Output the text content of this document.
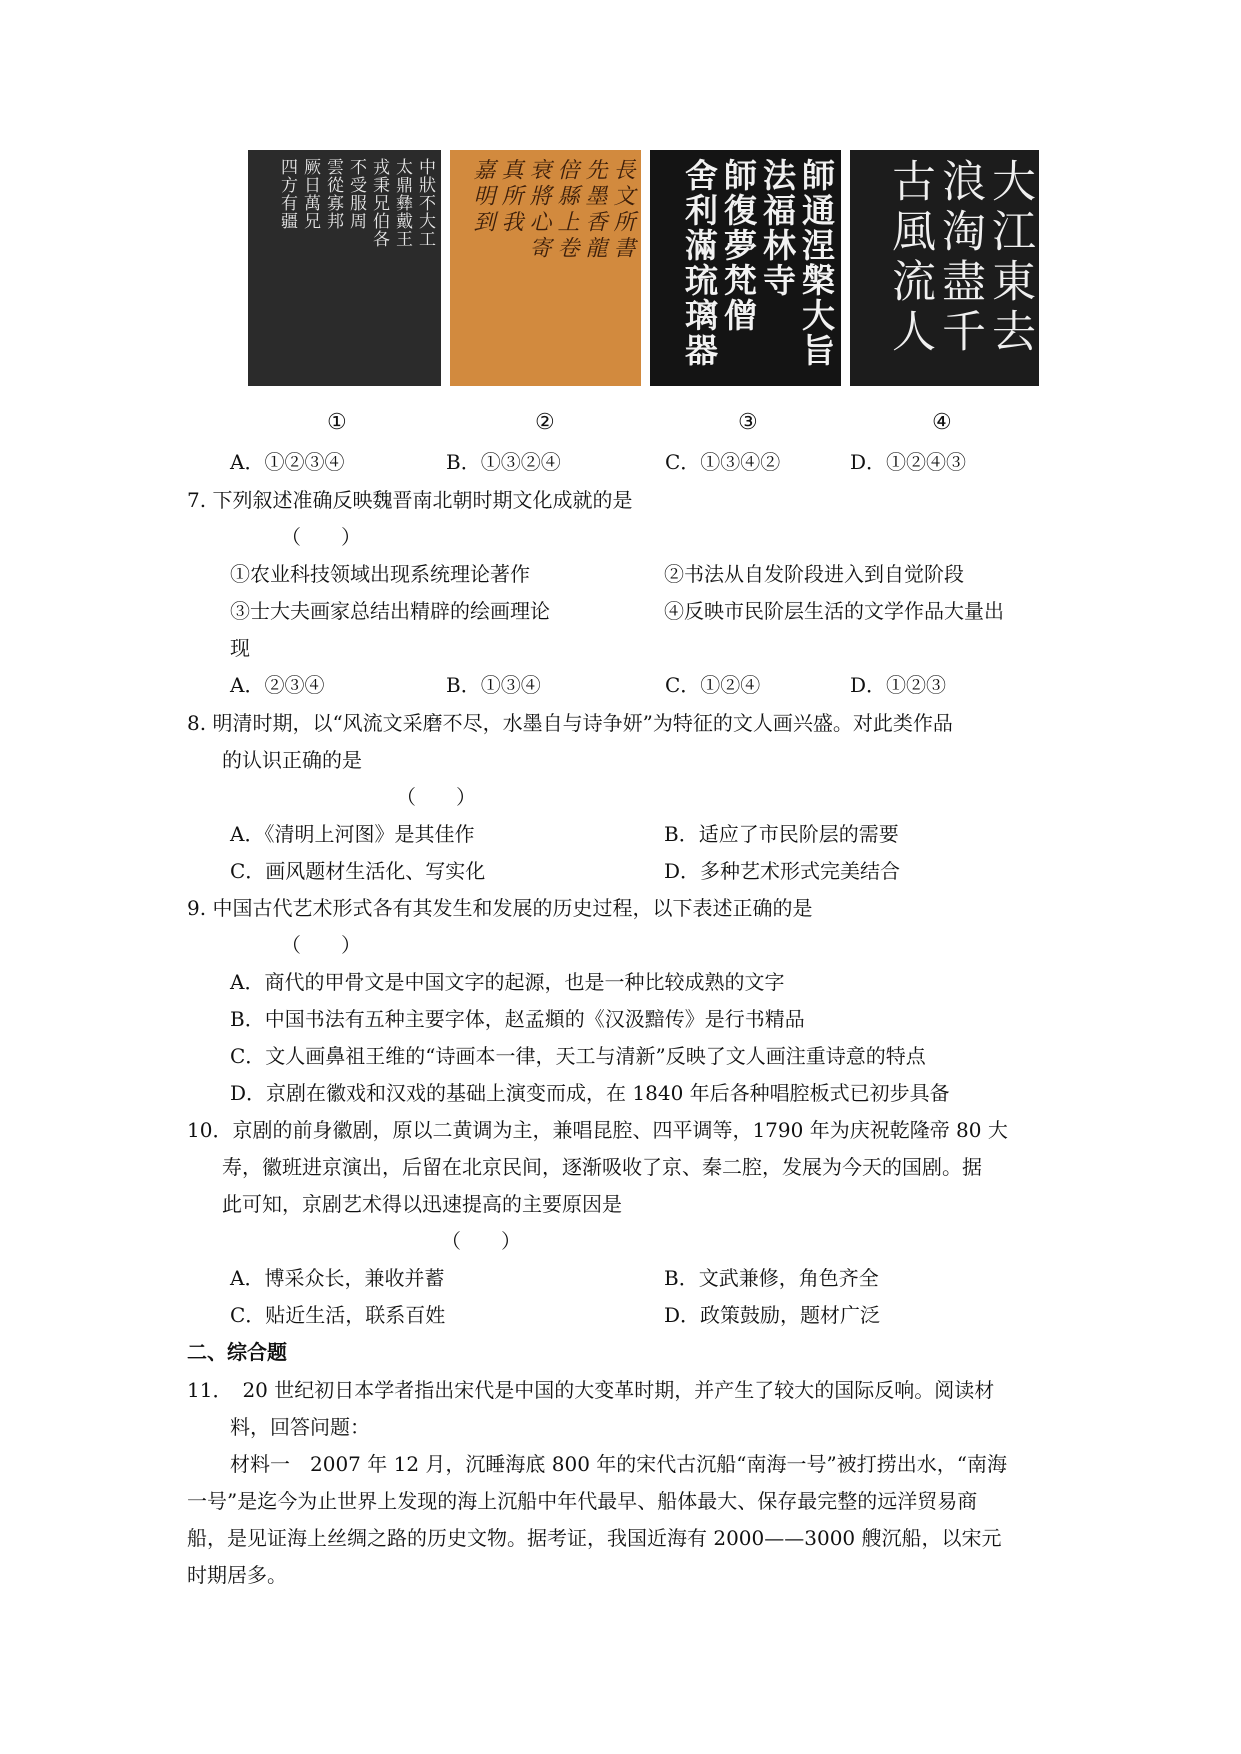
中狀不大工
太鼎彝戴王
戎秉兄伯各
不受服周
雲從寡邦
厥日萬兄
四方有疆	長文所書
先墨香龍
倍縣上卷
衰將心寄
真所我
嘉明到	師通涅槃大旨
法福林寺
師復夢梵僧
舍利滿琉璃器	大江東去
浪淘盡千
古風流人
①	②	③	④
A．①②③④	B．①③②④	C．①③④②	D．①②④③
7. 下列叙述准确反映魏晋南北朝时期文化成就的是
（　　）
①农业科技领域出现系统理论著作	②书法从自发阶段进入到自觉阶段
③士大夫画家总结出精辟的绘画理论	④反映市民阶层生活的文学作品大量出
现
A．②③④	B．①③④	C．①②④	D．①②③
8. 明清时期，以“风流文采磨不尽，水墨自与诗争妍”为特征的文人画兴盛。对此类作品
的认识正确的是
（　　）
A．《清明上河图》是其佳作	B．适应了市民阶层的需要
C．画风题材生活化、写实化	D．多种艺术形式完美结合
9. 中国古代艺术形式各有其发生和发展的历史过程，以下表述正确的是
（　　）
A．商代的甲骨文是中国文字的起源，也是一种比较成熟的文字
B．中国书法有五种主要字体，赵孟頫的《汉汲黯传》是行书精品
C．文人画鼻祖王维的“诗画本一律，天工与清新”反映了文人画注重诗意的特点
D．京剧在徽戏和汉戏的基础上演变而成，在 1840 年后各种唱腔板式已初步具备
10．京剧的前身徽剧，原以二黄调为主，兼唱昆腔、四平调等，1790 年为庆祝乾隆帝 80 大
寿，徽班进京演出，后留在北京民间，逐渐吸收了京、秦二腔，发展为今天的国剧。据
此可知，京剧艺术得以迅速提高的主要原因是
（　　）
A．博采众长，兼收并蓄	B．文武兼修，角色齐全
C．贴近生活，联系百姓	D．政策鼓励，题材广泛
二、综合题
11．　20 世纪初日本学者指出宋代是中国的大变革时期，并产生了较大的国际反响。阅读材
料，回答问题：
材料一　2007 年 12 月，沉睡海底 800 年的宋代古沉船“南海一号”被打捞出水，“南海
一号”是迄今为止世界上发现的海上沉船中年代最早、船体最大、保存最完整的远洋贸易商
船，是见证海上丝绸之路的历史文物。据考证，我国近海有 2000——3000 艘沉船，以宋元
时期居多。
